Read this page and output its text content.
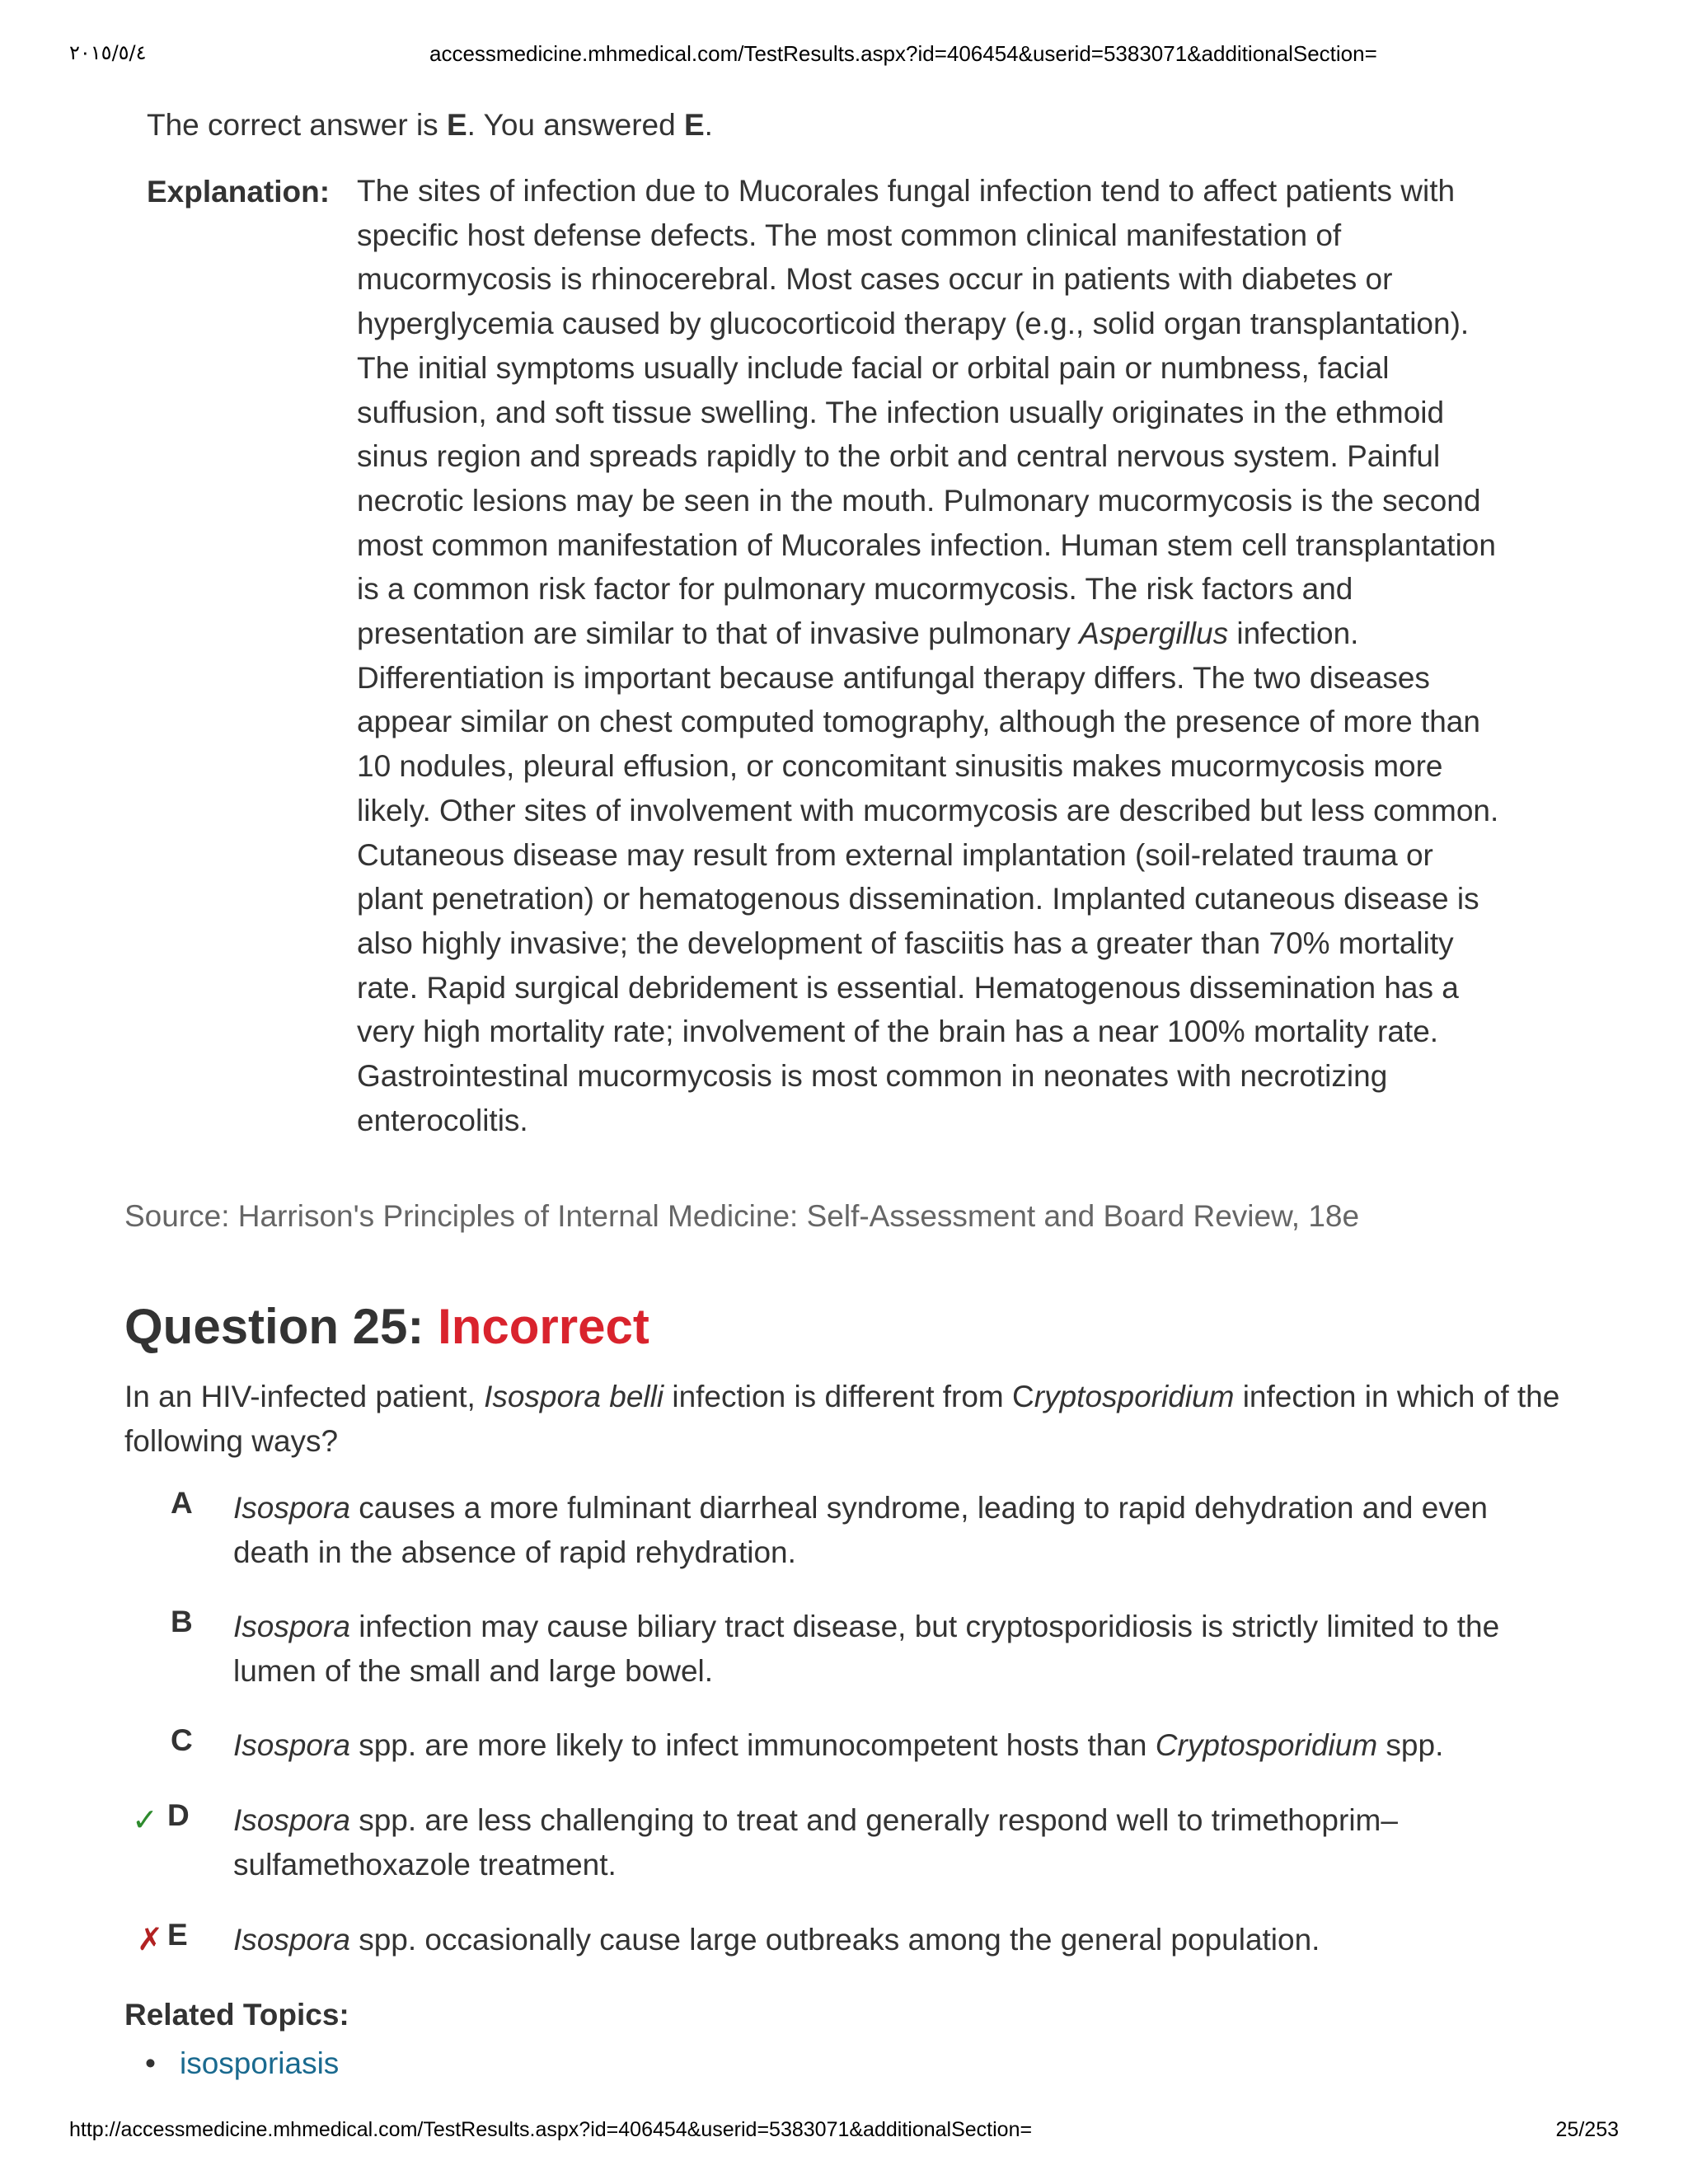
٢٠١٥/٥/٤	accessmedicine.mhmedical.com/TestResults.aspx?id=406454&userid=5383071&additionalSection=
The correct answer is E. You answered E.
Explanation: The sites of infection due to Mucorales fungal infection tend to affect patients with
specific host defense defects. The most common clinical manifestation of
mucormycosis is rhinocerebral. Most cases occur in patients with diabetes or
hyperglycemia caused by glucocorticoid therapy (e.g., solid organ transplantation).
The initial symptoms usually include facial or orbital pain or numbness, facial
suffusion, and soft tissue swelling. The infection usually originates in the ethmoid
sinus region and spreads rapidly to the orbit and central nervous system. Painful
necrotic lesions may be seen in the mouth. Pulmonary mucormycosis is the second
most common manifestation of Mucorales infection. Human stem cell transplantation
is a common risk factor for pulmonary mucormycosis. The risk factors and
presentation are similar to that of invasive pulmonary Aspergillus infection.
Differentiation is important because antifungal therapy differs. The two diseases
appear similar on chest computed tomography, although the presence of more than
10 nodules, pleural effusion, or concomitant sinusitis makes mucormycosis more
likely. Other sites of involvement with mucormycosis are described but less common.
Cutaneous disease may result from external implantation (soil-related trauma or
plant penetration) or hematogenous dissemination. Implanted cutaneous disease is
also highly invasive; the development of fasciitis has a greater than 70% mortality
rate. Rapid surgical debridement is essential. Hematogenous dissemination has a
very high mortality rate; involvement of the brain has a near 100% mortality rate.
Gastrointestinal mucormycosis is most common in neonates with necrotizing
enterocolitis.
Source: Harrison's Principles of Internal Medicine: Self-Assessment and Board Review, 18e
Question 25: Incorrect
In an HIV-infected patient, Isospora belli infection is different from Cryptosporidium infection in which of the following ways?
A Isospora causes a more fulminant diarrheal syndrome, leading to rapid dehydration and even death in the absence of rapid rehydration.
B Isospora infection may cause biliary tract disease, but cryptosporidiosis is strictly limited to the lumen of the small and large bowel.
C Isospora spp. are more likely to infect immunocompetent hosts than Cryptosporidium spp.
✓ D Isospora spp. are less challenging to treat and generally respond well to trimethoprim–sulfamethoxazole treatment.
✗ E Isospora spp. occasionally cause large outbreaks among the general population.
Related Topics:
• isosporiasis
http://accessmedicine.mhmedical.com/TestResults.aspx?id=406454&userid=5383071&additionalSection=	25/253
